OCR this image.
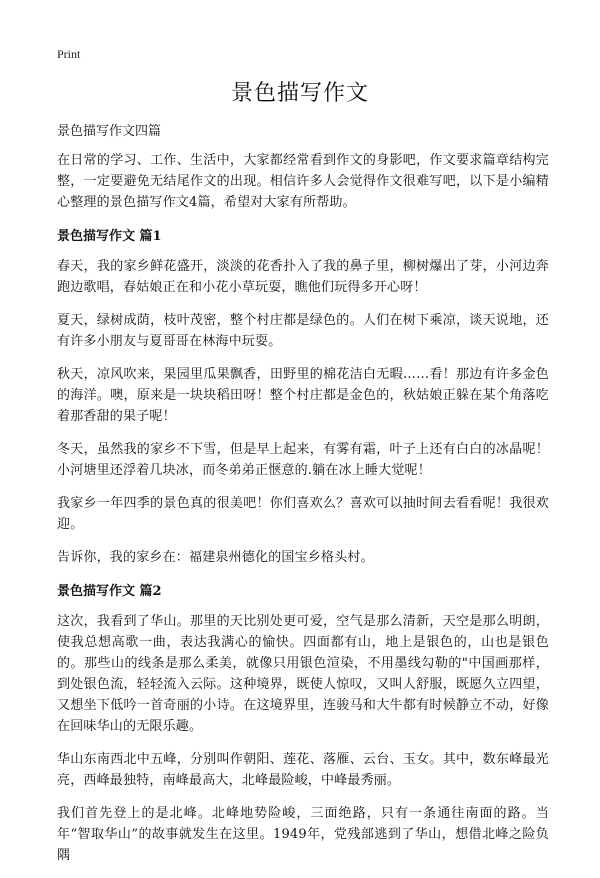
Print
景色描写作文
景色描写作文四篇

在日常的学习、工作、生活中，大家都经常看到作文的身影吧，作文要求篇章结构完整，一定要避免无结尾作文的出现。相信许多人会觉得作文很难写吧，以下是小编精心整理的景色描写作文4篇，希望对大家有所帮助。

景色描写作文 篇1

春天，我的家乡鲜花盛开，淡淡的花香扑入了我的鼻子里，柳树爆出了芽，小河边奔跑边歌唱，春姑娘正在和小花小草玩耍，瞧他们玩得多开心呀！

夏天，绿树成荫，枝叶茂密，整个村庄都是绿色的。人们在树下乘凉，谈天说地，还有许多小朋友与夏哥哥在林海中玩耍。

秋天，凉风吹来，果园里瓜果飘香，田野里的棉花洁白无暇……看！那边有许多金色的海洋。噢，原来是一块块稻田呀！整个村庄都是金色的，秋姑娘正躲在某个角落吃着那香甜的果子呢！

冬天，虽然我的家乡不下雪，但是早上起来，有雾有霜，叶子上还有白白的冰晶呢！小河塘里还浮着几块冰，而冬弟弟正惬意的.躺在冰上睡大觉呢！

我家乡一年四季的景色真的很美吧！你们喜欢么？喜欢可以抽时间去看看呢！我很欢迎。

告诉你，我的家乡在：福建泉州德化的国宝乡格头村。

景色描写作文 篇2

这次，我看到了华山。那里的天比别处更可爱，空气是那么清新，天空是那么明朗，使我总想高歌一曲，表达我满心的愉快。四面都有山，地上是银色的，山也是银色的。那些山的线条是那么柔美，就像只用银色渲染，不用墨线勾勒的"中国画那样，到处银色流，轻轻流入云际。这种境界，既使人惊叹，又叫人舒服，既愿久立四望，又想坐下低吟一首奇丽的小诗。在这境界里，连骏马和大牛都有时候静立不动，好像在回味华山的无限乐趣。

华山东南西北中五峰，分别叫作朝阳、莲花、落雁、云台、玉女。其中，数东峰最光亮，西峰最独特，南峰最高大，北峰最险峻，中峰最秀丽。

我们首先登上的是北峰。北峰地势险峻，三面绝路，只有一条通往南面的路。当年“智取华山”的故事就发生在这里。1949年，党残部逃到了华山，想借北峰之险负隅
